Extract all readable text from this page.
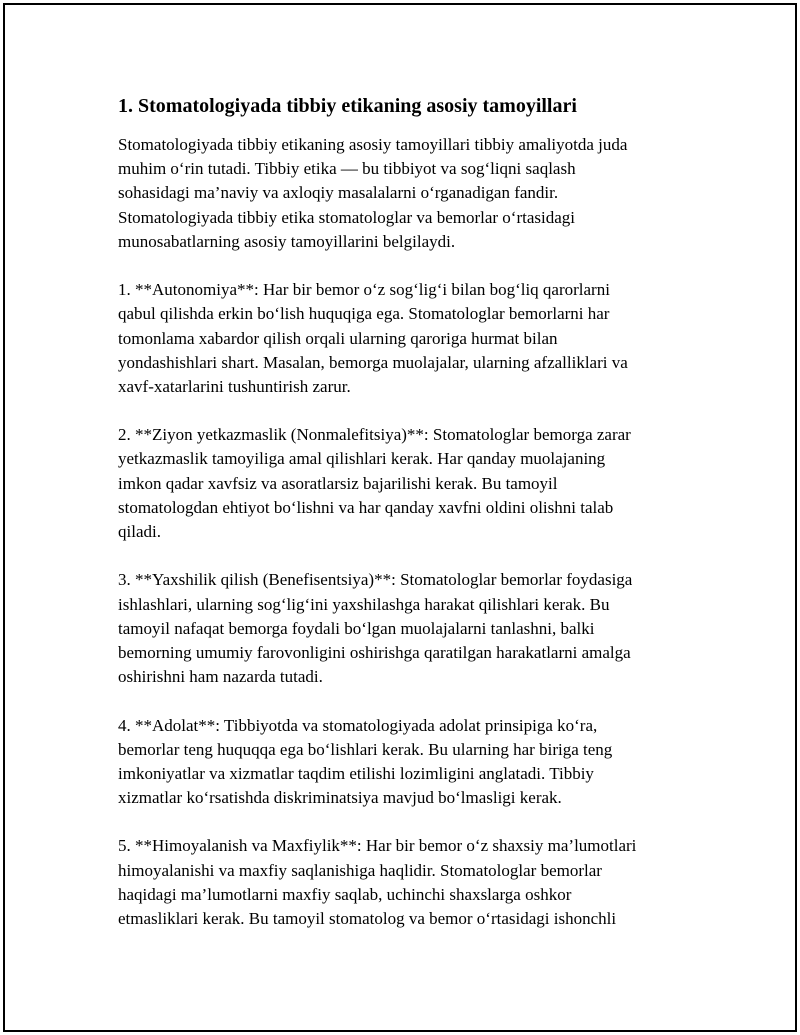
1. Stomatologiyada tibbiy etikaning asosiy tamoyillari
Stomatologiyada tibbiy etikaning asosiy tamoyillari tibbiy amaliyotda juda
muhim o‘rin tutadi. Tibbiy etika — bu tibbiyot va sog‘liqni saqlash
sohasidagi ma’naviy va axloqiy masalalarni o‘rganadigan fandir.
Stomatologiyada tibbiy etika stomatologlar va bemorlar o‘rtasidagi
munosabatlarning asosiy tamoyillarini belgilaydi.
1. **Autonomiya**: Har bir bemor o‘z sog‘lig‘i bilan bog‘liq qarorlarni
qabul qilishda erkin bo‘lish huquqiga ega. Stomatologlar bemorlarni har
tomonlama xabardor qilish orqali ularning qaroriga hurmat bilan
yondashishlari shart. Masalan, bemorga muolajalar, ularning afzalliklari va
xavf-xatarlarini tushuntirish zarur.
2. **Ziyon yetkazmaslik (Nonmalefitsiya)**: Stomatologlar bemorga zarar
yetkazmaslik tamoyiliga amal qilishlari kerak. Har qanday muolajaning
imkon qadar xavfsiz va asoratlarsiz bajarilishi kerak. Bu tamoyil
stomatologdan ehtiyot bo‘lishni va har qanday xavfni oldini olishni talab
qiladi.
3. **Yaxshilik qilish (Benefisentsiya)**: Stomatologlar bemorlar foydasiga
ishlashlari, ularning sog‘lig‘ini yaxshilashga harakat qilishlari kerak. Bu
tamoyil nafaqat bemorga foydali bo‘lgan muolajalarni tanlashni, balki
bemorning umumiy farovonligini oshirishga qaratilgan harakatlarni amalga
oshirishni ham nazarda tutadi.
4. **Adolat**: Tibbiyotda va stomatologiyada adolat prinsipiga ko‘ra,
bemorlar teng huquqqa ega bo‘lishlari kerak. Bu ularning har biriga teng
imkoniyatlar va xizmatlar taqdim etilishi lozimligini anglatadi. Tibbiy
xizmatlar ko‘rsatishda diskriminatsiya mavjud bo‘lmasligi kerak.
5. **Himoyalanish va Maxfiylik**: Har bir bemor o‘z shaxsiy ma’lumotlari
himoyalanishi va maxfiy saqlanishiga haqlidir. Stomatologlar bemorlar
haqidagi ma’lumotlarni maxfiy saqlab, uchinchi shaxslarga oshkor
etmasliklari kerak. Bu tamoyil stomatolog va bemor o‘rtasidagi ishonchli
